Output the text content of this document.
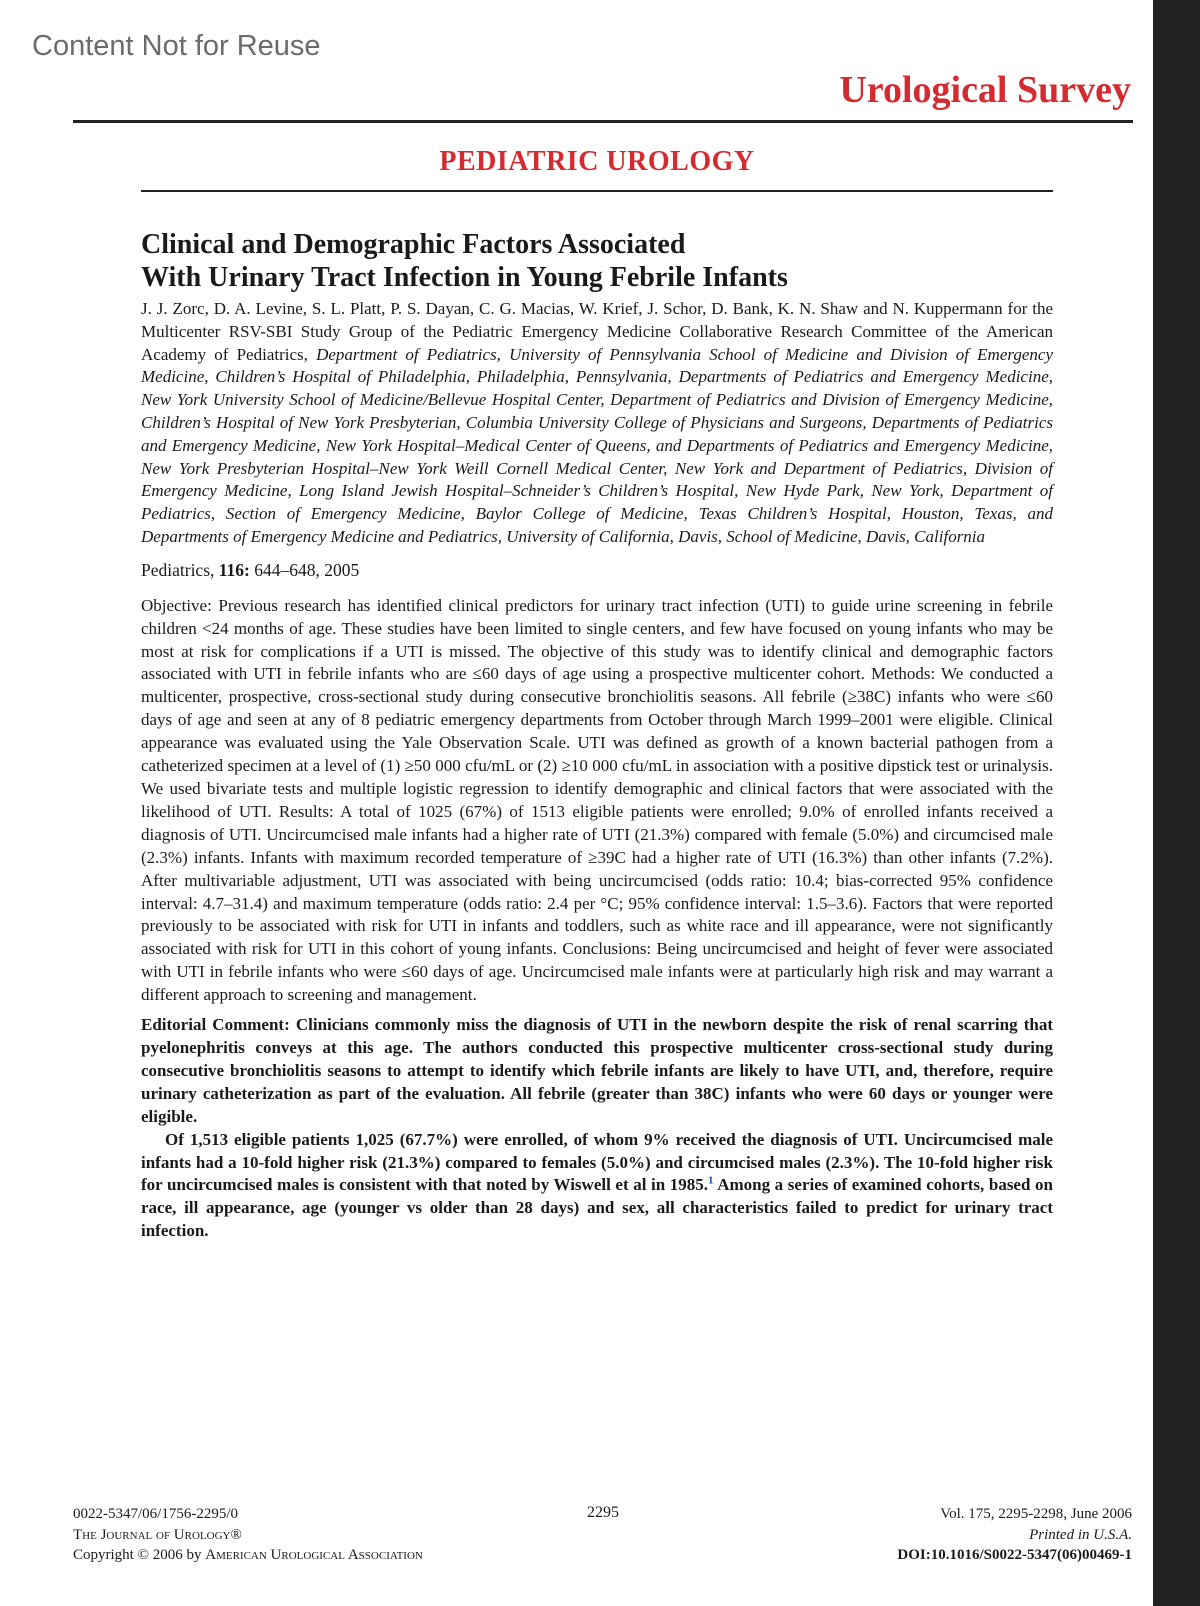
Content Not for Reuse
Urological Survey
PEDIATRIC UROLOGY
Clinical and Demographic Factors Associated
With Urinary Tract Infection in Young Febrile Infants

J. J. Zorc, D. A. Levine, S. L. Platt, P. S. Dayan, C. G. Macias, W. Krief, J. Schor, D. Bank, K. N. Shaw and N. Kuppermann for the Multicenter RSV-SBI Study Group of the Pediatric Emergency Medicine Collaborative Research Committee of the American Academy of Pediatrics, Department of Pediatrics, University of Pennsylvania School of Medicine and Division of Emergency Medicine, Children’s Hospital of Philadelphia, Philadelphia, Pennsylvania, Departments of Pediatrics and Emergency Medicine, New York University School of Medicine/Bellevue Hospital Center, Department of Pediatrics and Division of Emergency Medicine, Children’s Hospital of New York Presbyterian, Columbia University College of Physicians and Surgeons, Departments of Pediatrics and Emergency Medicine, New York Hospital–Medical Center of Queens, and Departments of Pediatrics and Emergency Medicine, New York Presbyterian Hospital–New York Weill Cornell Medical Center, New York and Department of Pediatrics, Division of Emergency Medicine, Long Island Jewish Hospital–Schneider’s Children’s Hospital, New Hyde Park, New York, Department of Pediatrics, Section of Emergency Medicine, Baylor College of Medicine, Texas Children’s Hospital, Houston, Texas, and Departments of Emergency Medicine and Pediatrics, University of California, Davis, School of Medicine, Davis, California

Pediatrics, 116: 644–648, 2005

Objective: Previous research has identified clinical predictors for urinary tract infection (UTI) to guide urine screening in febrile children <24 months of age. These studies have been limited to single centers, and few have focused on young infants who may be most at risk for complications if a UTI is missed. The objective of this study was to identify clinical and demographic factors associated with UTI in febrile infants who are ≤60 days of age using a prospective multicenter cohort. Methods: We conducted a multicenter, prospective, cross-sectional study during consecutive bronchiolitis seasons. All febrile (≥38C) infants who were ≤60 days of age and seen at any of 8 pediatric emergency departments from October through March 1999–2001 were eligible. Clinical appearance was evaluated using the Yale Observation Scale. UTI was defined as growth of a known bacterial pathogen from a catheterized specimen at a level of (1) ≥50 000 cfu/mL or (2) ≥10 000 cfu/mL in association with a positive dipstick test or urinalysis. We used bivariate tests and multiple logistic regression to identify demographic and clinical factors that were associated with the likelihood of UTI. Results: A total of 1025 (67%) of 1513 eligible patients were enrolled; 9.0% of enrolled infants received a diagnosis of UTI. Uncircumcised male infants had a higher rate of UTI (21.3%) compared with female (5.0%) and circumcised male (2.3%) infants. Infants with maximum recorded temperature of ≥39C had a higher rate of UTI (16.3%) than other infants (7.2%). After multivariable adjustment, UTI was associated with being uncircumcised (odds ratio: 10.4; bias-corrected 95% confidence interval: 4.7–31.4) and maximum temperature (odds ratio: 2.4 per °C; 95% confidence interval: 1.5–3.6). Factors that were reported previously to be associated with risk for UTI in infants and toddlers, such as white race and ill appearance, were not significantly associated with risk for UTI in this cohort of young infants. Conclusions: Being uncircumcised and height of fever were associated with UTI in febrile infants who were ≤60 days of age. Uncircumcised male infants were at particularly high risk and may warrant a different approach to screening and management.

Editorial Comment: Clinicians commonly miss the diagnosis of UTI in the newborn despite the risk of renal scarring that pyelonephritis conveys at this age. The authors conducted this prospective multicenter cross-sectional study during consecutive bronchiolitis seasons to attempt to identify which febrile infants are likely to have UTI, and, therefore, require urinary catheterization as part of the evaluation. All febrile (greater than 38C) infants who were 60 days or younger were eligible.

Of 1,513 eligible patients 1,025 (67.7%) were enrolled, of whom 9% received the diagnosis of UTI. Uncircumcised male infants had a 10-fold higher risk (21.3%) compared to females (5.0%) and circumcised males (2.3%). The 10-fold higher risk for uncircumcised males is consistent with that noted by Wiswell et al in 1985.$^1$ Among a series of examined cohorts, based on race, ill appearance, age (younger vs older than 28 days) and sex, all characteristics failed to predict for urinary tract infection.

0022-5347/06/1756-2295/0
The Journal of Urology®
Copyright © 2006 by American Urological Association
2295	Vol. 175, 2295-2298, June 2006
Printed in U.S.A.
DOI:10.1016/S0022-5347(06)00469-1
